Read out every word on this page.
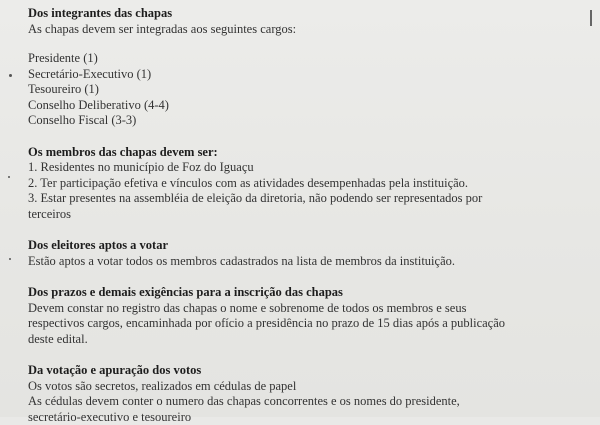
Dos integrantes das chapas
As chapas devem ser integradas aos seguintes cargos:
Presidente (1)
Secretário-Executivo (1)
Tesoureiro (1)
Conselho Deliberativo (4-4)
Conselho Fiscal (3-3)
Os membros das chapas devem ser:
1. Residentes no município de Foz do Iguaçu
2. Ter participação efetiva e vínculos com as atividades desempenhadas pela instituição.
3. Estar presentes na assembléia de eleição da diretoria, não podendo ser representados por
terceiros
Dos eleitores aptos a votar
Estão aptos a votar todos os membros cadastrados na lista de membros da instituição.
Dos prazos e demais exigências para a inscrição das chapas
Devem constar no registro das chapas o nome e sobrenome de todos os membros e seus
respectivos cargos, encaminhada por ofício a presidência no prazo de 15 dias após a publicação
deste edital.
Da votação e apuração dos votos
Os votos são secretos, realizados em cédulas de papel
As cédulas devem conter o numero das chapas concorrentes e os nomes do presidente,
secretário-executivo e tesoureiro
